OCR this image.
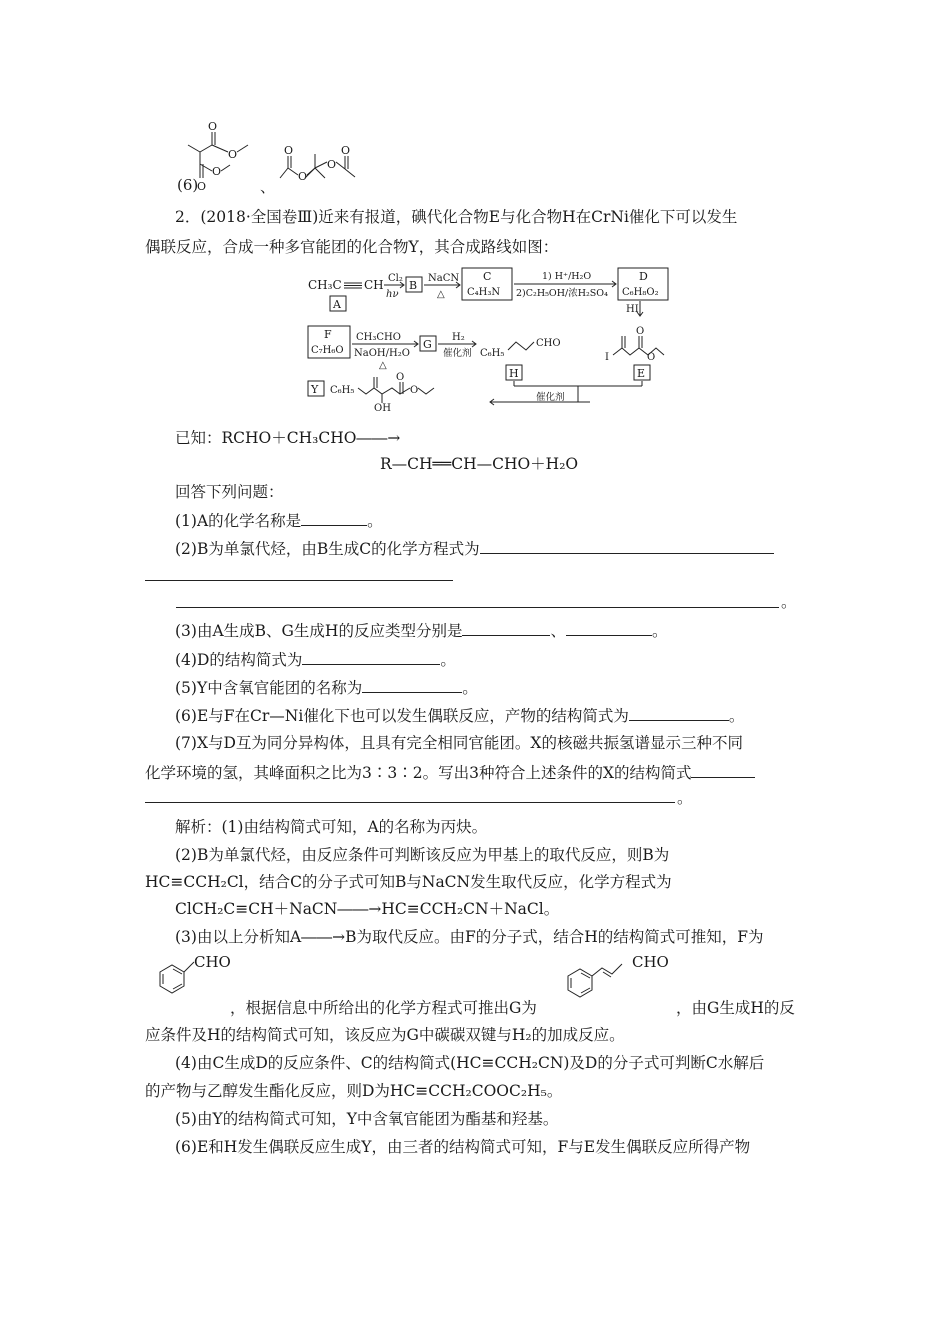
O
O
O
O
(6)	、
O
O
O
O
2．(2018·全国卷Ⅲ)近来有报道，碘代化合物E与化合物H在CrNi催化下可以发生
偶联反应，合成一种多官能团的化合物Y，其合成路线如图：
CH₃C CH
A
Cl₂
hν
B
NaCN
△
C
C₄H₃N
1) H⁺/H₂O
2)C₂H₅OH/浓H₂SO₄
D
C₆H₈O₂
HI
F
C₇H₆O
CH₃CHO
NaOH/H₂O
△
G
H₂
催化剂 C₆H₅
CHO
I
O
O
H	E
催化剂
Y C₆H₅
OH
O
O
已知：RCHO＋CH₃CHO――→
R—CH══CH—CHO＋H₂O
回答下列问题：
(1)A的化学名称是	。
(2)B为单氯代烃，由B生成C的化学方程式为
。
(3)由A生成B、G生成H的反应类型分别是	、	。
(4)D的结构简式为	。
(5)Y中含氧官能团的名称为	。
(6)E与F在Cr—Ni催化下也可以发生偶联反应，产物的结构简式为	。
(7)X与D互为同分异构体，且具有完全相同官能团。X的核磁共振氢谱显示三种不同
化学环境的氢，其峰面积之比为3∶3∶2。写出3种符合上述条件的X的结构简式
。
解析：(1)由结构简式可知，A的名称为丙炔。
(2)B为单氯代烃，由反应条件可判断该反应为甲基上的取代反应，则B为
HC≡CCH₂Cl，结合C的分子式可知B与NaCN发生取代反应，化学方程式为
ClCH₂C≡CH＋NaCN――→HC≡CCH₂CN＋NaCl。
(3)由以上分析知A――→B为取代反应。由F的分子式，结合H的结构简式可推知，F为
CHO
，根据信息中所给出的化学方程式可推出G为
CHO
，由G生成H的反
应条件及H的结构简式可知，该反应为G中碳碳双键与H₂的加成反应。
(4)由C生成D的反应条件、C的结构简式(HC≡CCH₂CN)及D的分子式可判断C水解后
的产物与乙醇发生酯化反应，则D为HC≡CCH₂COOC₂H₅。
(5)由Y的结构简式可知，Y中含氧官能团为酯基和羟基。
(6)E和H发生偶联反应生成Y，由三者的结构简式可知，F与E发生偶联反应所得产物
